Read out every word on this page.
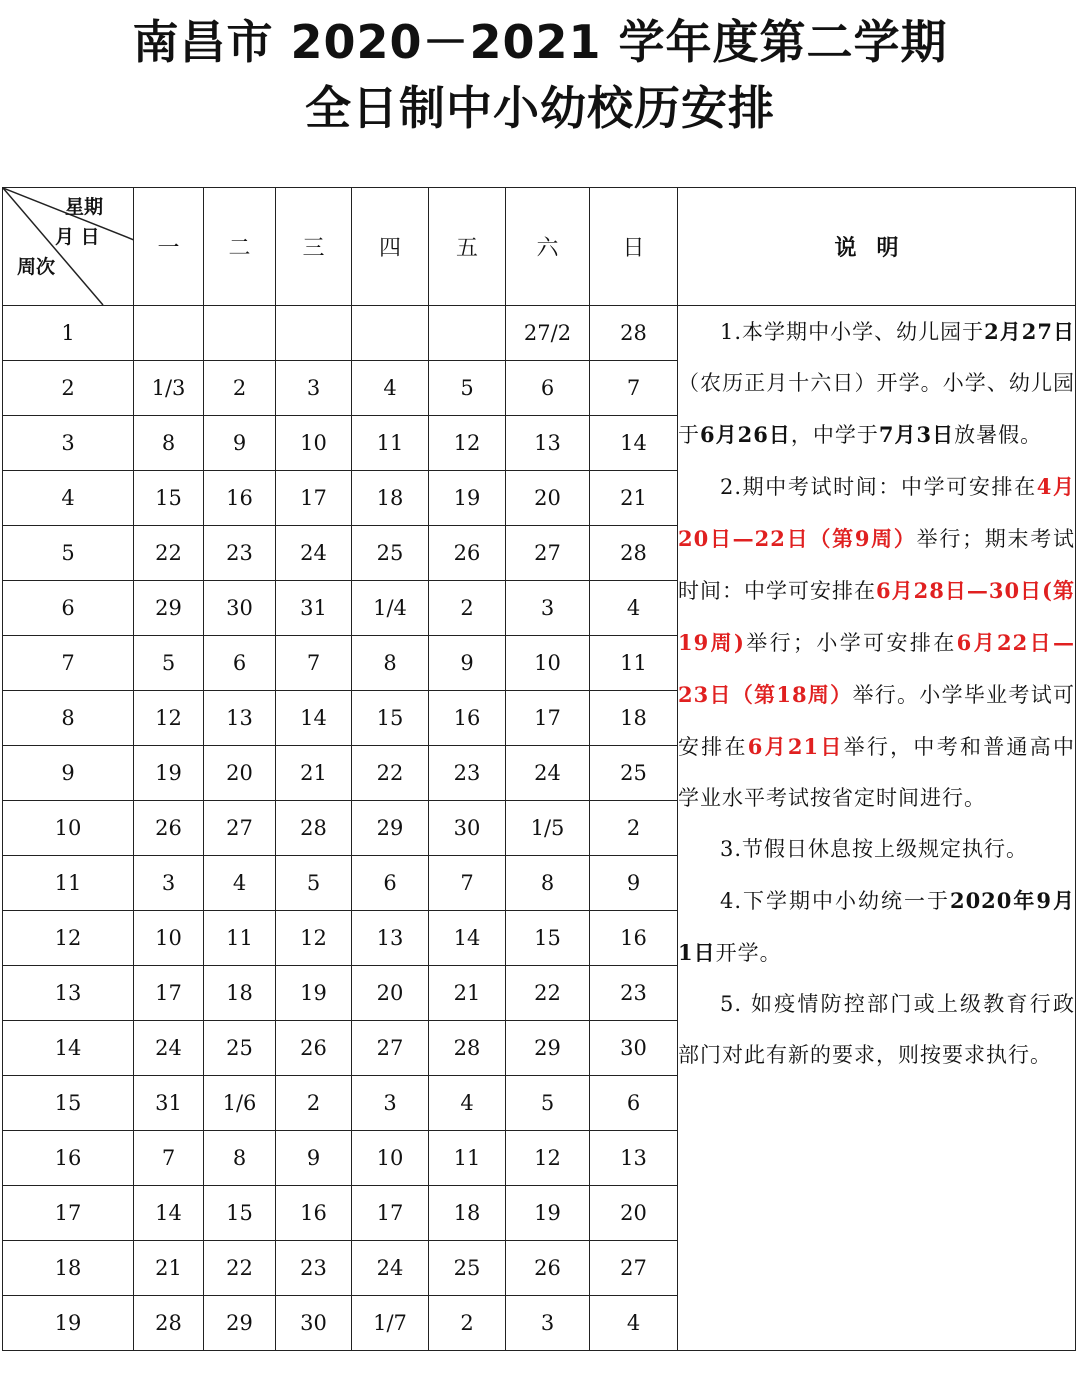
南昌市 2020－2021 学年度第二学期
全日制中小幼校历安排
星期
月 日
周次	一	二	三	四	五	六	日	说明
1						27/2	28	1.本学期中小学、幼儿园于2月27日（农历正月十六日）开学。小学、幼儿园于6月26日，中学于7月3日放暑假。

2.期中考试时间：中学可安排在4月20日—22日（第9周）举行；期末考试时间：中学可安排在6月28日—30日(第19周)举行；小学可安排在6月22日—23日（第18周）举行。小学毕业考试可安排在6月21日举行，中考和普通高中学业水平考试按省定时间进行。

3.节假日休息按上级规定执行。

4.下学期中小幼统一于2020年9月1日开学。

5. 如疫情防控部门或上级教育行政部门对此有新的要求，则按要求执行。

2	1/3	2	3	4	5	6	7	
3	8	9	10	11	12	13	14	
4	15	16	17	18	19	20	21	
5	22	23	24	25	26	27	28	
6	29	30	31	1/4	2	3	4	
7	5	6	7	8	9	10	11	
8	12	13	14	15	16	17	18	
9	19	20	21	22	23	24	25	
10	26	27	28	29	30	1/5	2	
11	3	4	5	6	7	8	9	
12	10	11	12	13	14	15	16	
13	17	18	19	20	21	22	23	
14	24	25	26	27	28	29	30	
15	31	1/6	2	3	4	5	6	
16	7	8	9	10	11	12	13	
17	14	15	16	17	18	19	20	
18	21	22	23	24	25	26	27	
19	28	29	30	1/7	2	3	4	
